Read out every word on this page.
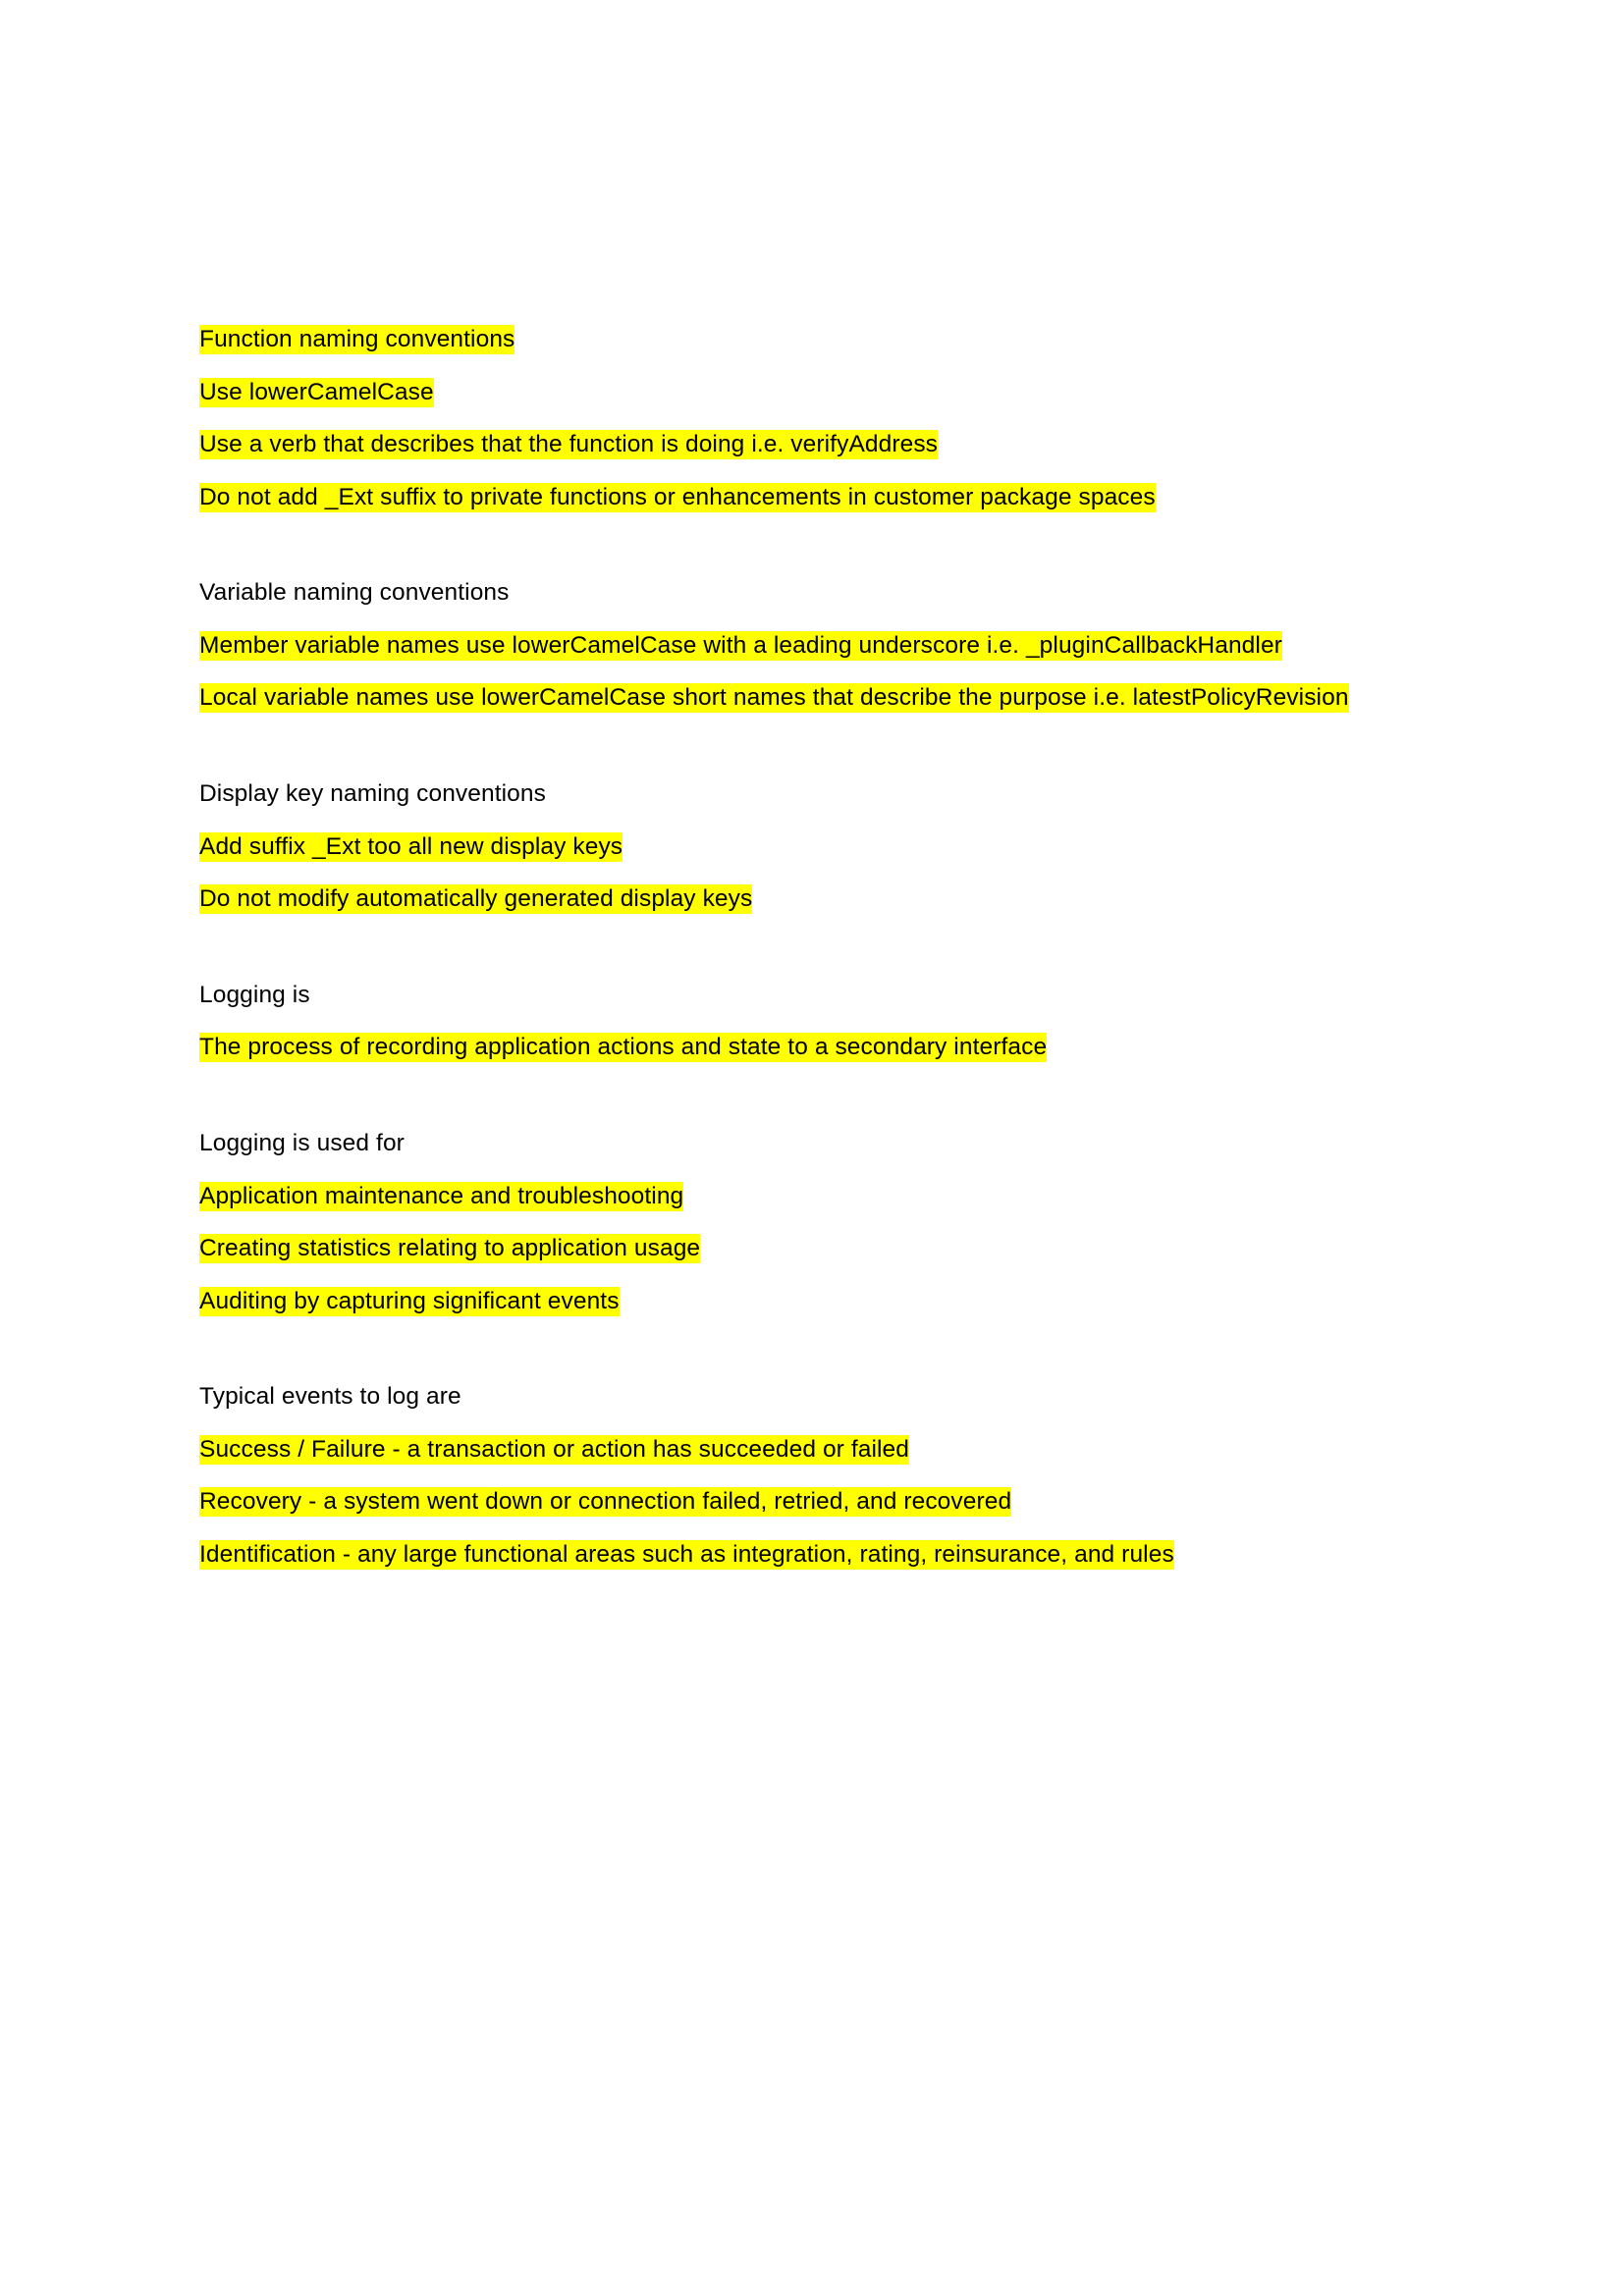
Function naming conventions

Use lowerCamelCase

Use a verb that describes that the function is doing i.e. verifyAddress

Do not add _Ext suffix to private functions or enhancements in customer package spaces

Variable naming conventions

Member variable names use lowerCamelCase with a leading underscore i.e. _pluginCallbackHandler

Local variable names use lowerCamelCase short names that describe the purpose i.e. latestPolicyRevision

Display key naming conventions

Add suffix _Ext too all new display keys

Do not modify automatically generated display keys

Logging is

The process of recording application actions and state to a secondary interface

Logging is used for

Application maintenance and troubleshooting

Creating statistics relating to application usage

Auditing by capturing significant events

Typical events to log are

Success / Failure - a transaction or action has succeeded or failed

Recovery - a system went down or connection failed, retried, and recovered

Identification - any large functional areas such as integration, rating, reinsurance, and rules
